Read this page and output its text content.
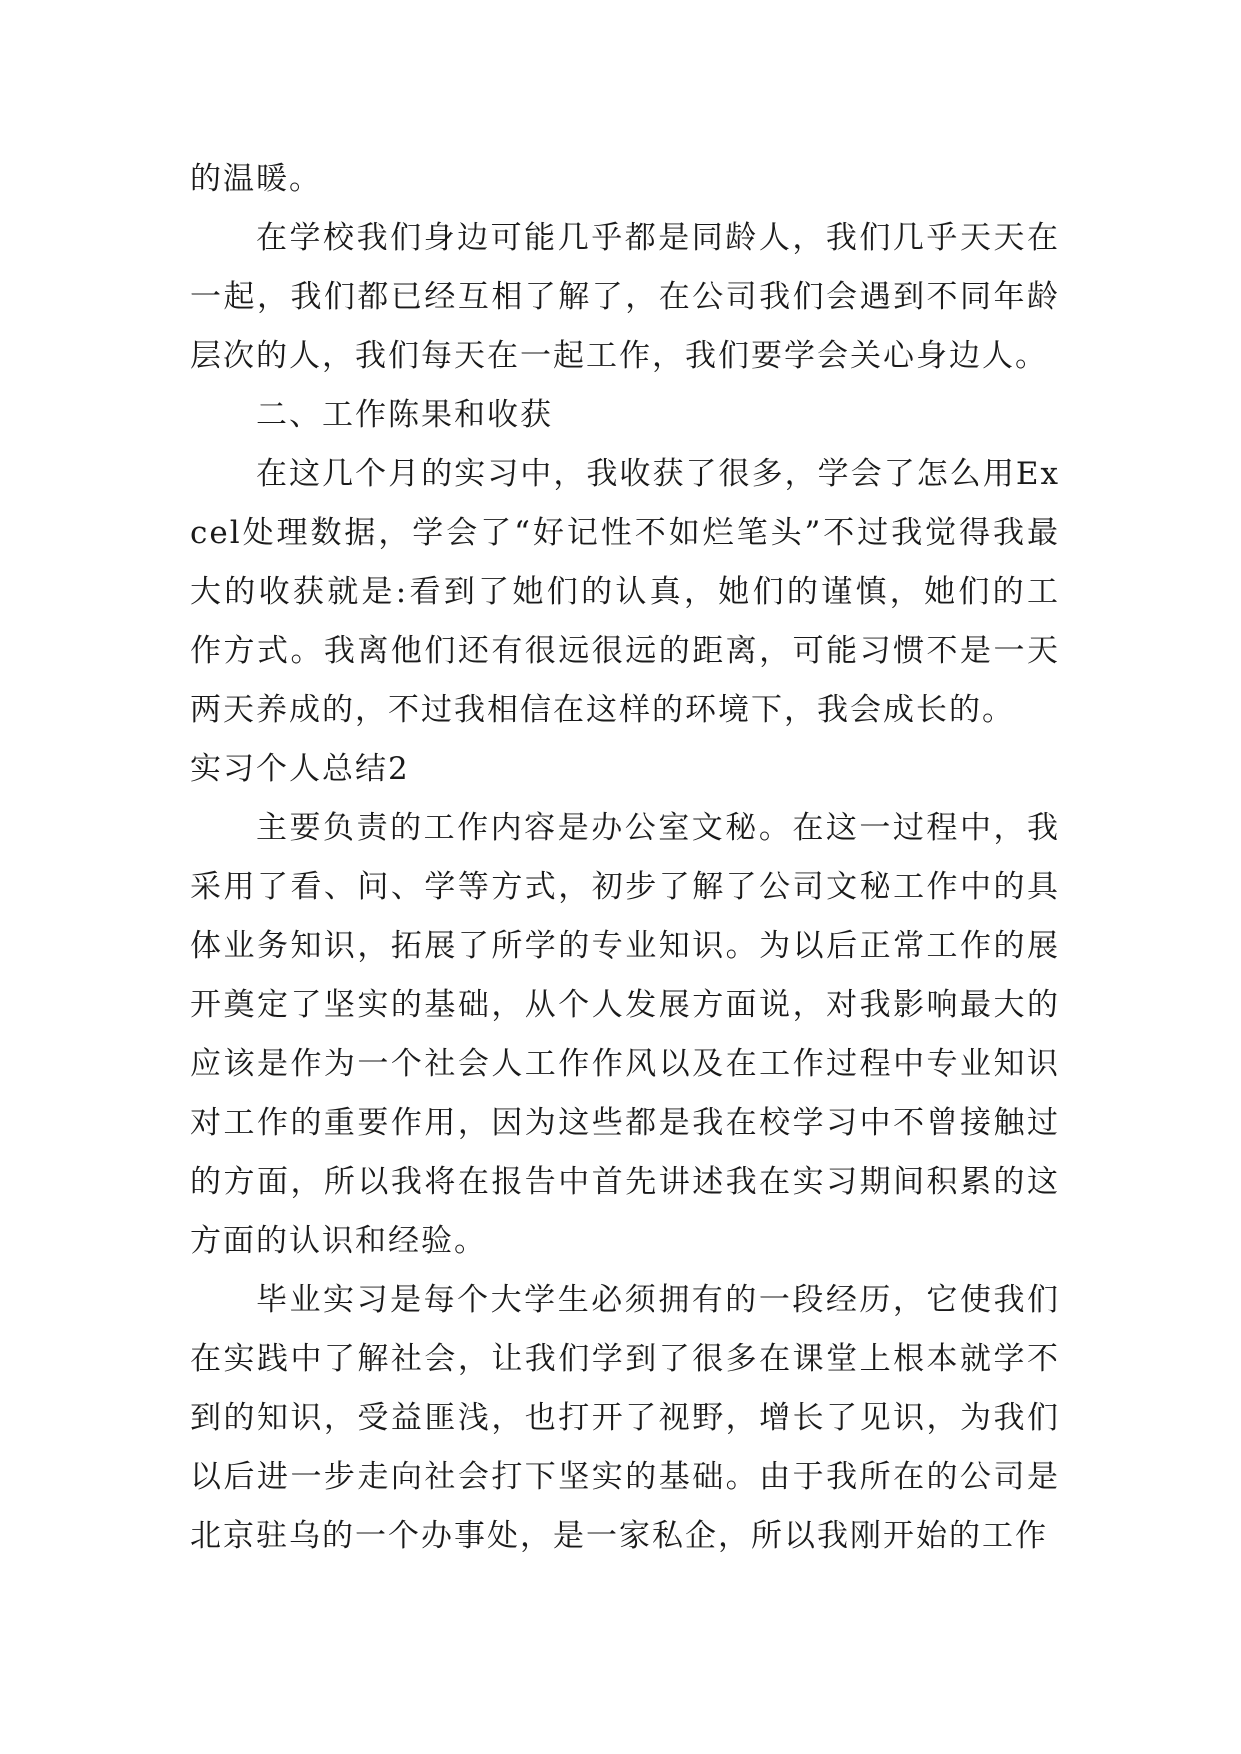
的温暖。

在学校我们身边可能几乎都是同龄人，我们几乎天天在一起，我们都已经互相了解了，在公司我们会遇到不同年龄层次的人，我们每天在一起工作，我们要学会关心身边人。

二、工作陈果和收获

在这几个月的实习中，我收获了很多，学会了怎么用Excel处理数据，学会了“好记性不如烂笔头”不过我觉得我最大的收获就是:看到了她们的认真，她们的谨慎，她们的工作方式。我离他们还有很远很远的距离，可能习惯不是一天两天养成的，不过我相信在这样的环境下，我会成长的。

实习个人总结2

主要负责的工作内容是办公室文秘。在这一过程中，我采用了看、问、学等方式，初步了解了公司文秘工作中的具体业务知识，拓展了所学的专业知识。为以后正常工作的展开奠定了坚实的基础，从个人发展方面说，对我影响最大的应该是作为一个社会人工作作风以及在工作过程中专业知识对工作的重要作用，因为这些都是我在校学习中不曾接触过的方面，所以我将在报告中首先讲述我在实习期间积累的这方面的认识和经验。

毕业实习是每个大学生必须拥有的一段经历，它使我们在实践中了解社会，让我们学到了很多在课堂上根本就学不到的知识，受益匪浅，也打开了视野，增长了见识，为我们以后进一步走向社会打下坚实的基础。由于我所在的公司是北京驻乌的一个办事处，是一家私企，所以我刚开始的工作
